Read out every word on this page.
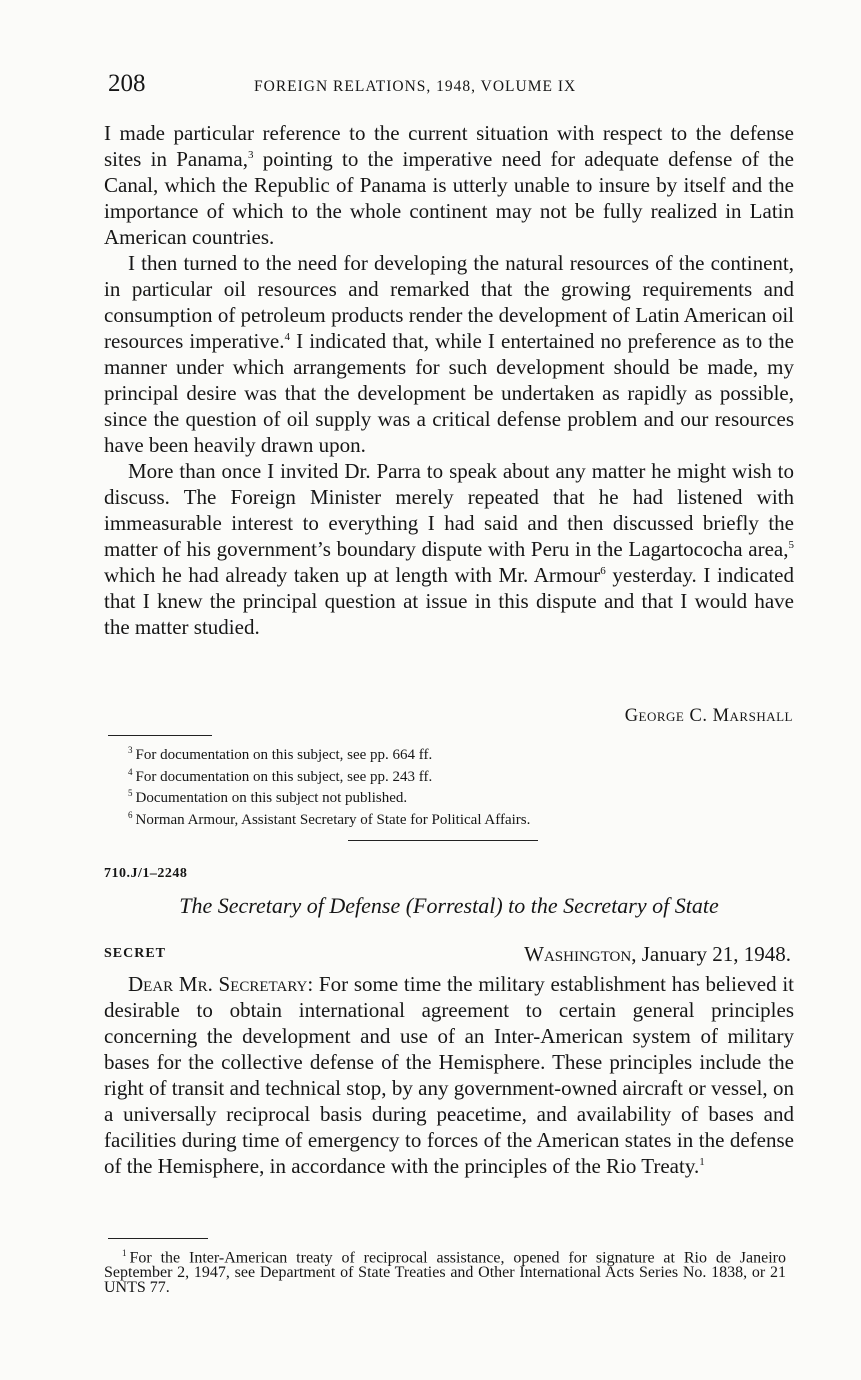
208	FOREIGN RELATIONS, 1948, VOLUME IX

I made particular reference to the current situation with respect to the defense sites in Panama,$^3$ pointing to the imperative need for adequate defense of the Canal, which the Republic of Panama is utterly unable to insure by itself and the importance of which to the whole continent may not be fully realized in Latin American countries.

I then turned to the need for developing the natural resources of the continent, in particular oil resources and remarked that the growing requirements and consumption of petroleum products render the development of Latin American oil resources imperative.$^4$ I indicated that, while I entertained no preference as to the manner under which arrangements for such development should be made, my principal desire was that the development be undertaken as rapidly as possible, since the question of oil supply was a critical defense problem and our resources have been heavily drawn upon.

More than once I invited Dr. Parra to speak about any matter he might wish to discuss. The Foreign Minister merely repeated that he had listened with immeasurable interest to everything I had said and then discussed briefly the matter of his government’s boundary dispute with Peru in the Lagartococha area,$^5$ which he had already taken up at length with Mr. Armour$^6$ yesterday. I indicated that I knew the principal question at issue in this dispute and that I would have the matter studied.

George C. Marshall

$^3$ For documentation on this subject, see pp. 664 ff.

$^4$ For documentation on this subject, see pp. 243 ff.

$^5$ Documentation on this subject not published.

$^6$ Norman Armour, Assistant Secretary of State for Political Affairs.

710.J/1–2248
The Secretary of Defense (Forrestal) to the Secretary of State
SECRET	Washington, January 21, 1948.

Dear Mr. Secretary: For some time the military establishment has believed it desirable to obtain international agreement to certain general principles concerning the development and use of an Inter-American system of military bases for the collective defense of the Hemisphere. These principles include the right of transit and technical stop, by any government-owned aircraft or vessel, on a universally reciprocal basis during peacetime, and availability of bases and facilities during time of emergency to forces of the American states in the defense of the Hemisphere, in accordance with the principles of the Rio Treaty.$^1$

$^1$ For the Inter-American treaty of reciprocal assistance, opened for signature at Rio de Janeiro September 2, 1947, see Department of State Treaties and Other International Acts Series No. 1838, or 21 UNTS 77.
